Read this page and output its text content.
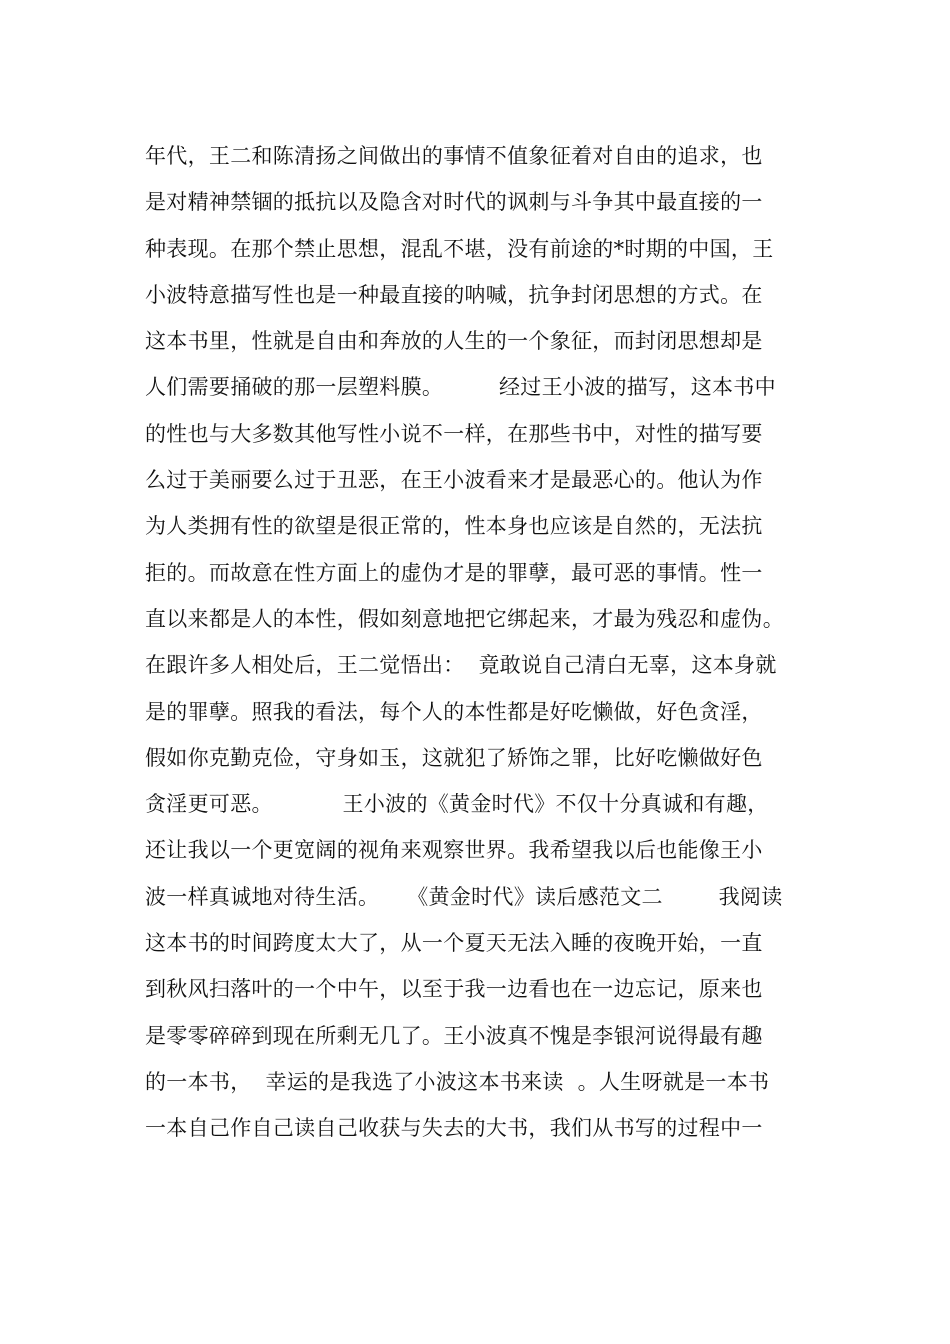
年代，王二和陈清扬之间做出的事情不值象征着对自由的追求，也
是对精神禁锢的抵抗以及隐含对时代的讽刺与斗争其中最直接的一
种表现。在那个禁止思想，混乱不堪，没有前途的*时期的中国，王
小波特意描写性也是一种最直接的呐喊，抗争封闭思想的方式。在
这本书里，性就是自由和奔放的人生的一个象征，而封闭思想却是
人们需要捅破的那一层塑料膜。        经过王小波的描写，这本书中
的性也与大多数其他写性小说不一样，在那些书中，对性的描写要
么过于美丽要么过于丑恶，在王小波看来才是最恶心的。他认为作
为人类拥有性的欲望是很正常的，性本身也应该是自然的，无法抗
拒的。而故意在性方面上的虚伪才是的罪孽，最可恶的事情。性一
直以来都是人的本性，假如刻意地把它绑起来，才最为残忍和虚伪。
在跟许多人相处后，王二觉悟出：  竟敢说自己清白无辜，这本身就
是的罪孽。照我的看法，每个人的本性都是好吃懒做，好色贪淫，
假如你克勤克俭，守身如玉，这就犯了矫饰之罪，比好吃懒做好色
贪淫更可恶。          王小波的《黄金时代》不仅十分真诚和有趣，
还让我以一个更宽阔的视角来观察世界。我希望我以后也能像王小
波一样真诚地对待生活。    《黄金时代》读后感范文二        我阅读
这本书的时间跨度太大了，从一个夏天无法入睡的夜晚开始，一直
到秋风扫落叶的一个中午，以至于我一边看也在一边忘记，原来也
是零零碎碎到现在所剩无几了。王小波真不愧是李银河说得最有趣
的一本书，  幸运的是我选了小波这本书来读  。人生呀就是一本书
一本自己作自己读自己收获与失去的大书，我们从书写的过程中一
